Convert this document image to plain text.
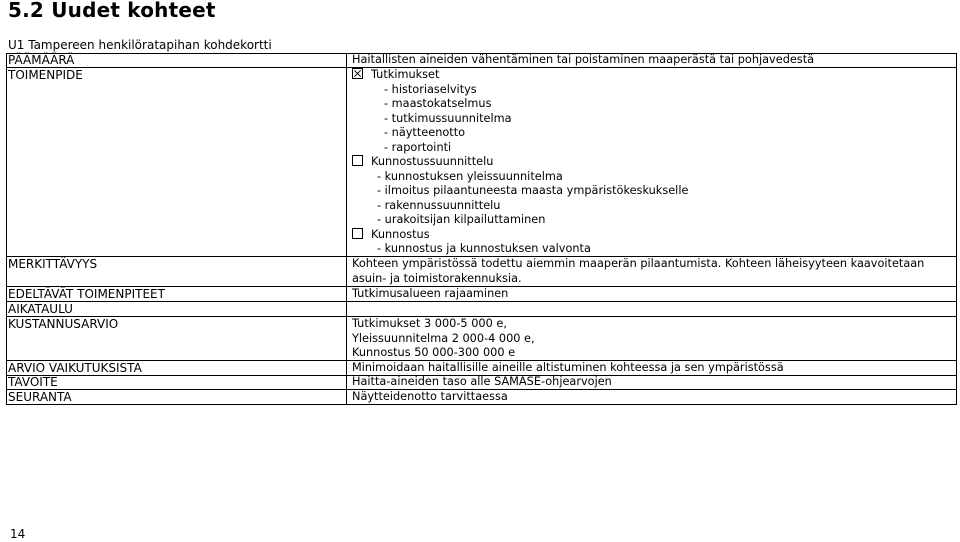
5.2 Uudet kohteet
U1 Tampereen henkilöratapihan kohdekortti
PÄÄMÄÄRÄ	Haitallisten aineiden vähentäminen tai poistaminen maaperästä tai pohjavedestä
TOIMENPIDE	Tutkimukset
- historiaselvitys
- maastokatselmus
- tutkimussuunnitelma
- näytteenotto
- raportointi
Kunnostussuunnittelu
- kunnostuksen yleissuunnitelma
- ilmoitus pilaantuneesta maasta ympäristökeskukselle
- rakennussuunnittelu
- urakoitsijan kilpailuttaminen
Kunnostus
- kunnostus ja kunnostuksen valvonta
MERKITTÄVYYS	Kohteen ympäristössä todettu aiemmin maaperän pilaantumista. Kohteen läheisyyteen kaavoitetaan
asuin- ja toimistorakennuksia.
EDELTÄVÄT TOIMENPITEET	Tutkimusalueen rajaaminen
AIKATAULU
KUSTANNUSARVIO	Tutkimukset 3 000-5 000 e,
Yleissuunnitelma 2 000-4 000 e,
Kunnostus 50 000-300 000 e
ARVIO VAIKUTUKSISTA	Minimoidaan haitallisille aineille altistuminen kohteessa ja sen ympäristössä
TAVOITE	Haitta-aineiden taso alle SAMASE-ohjearvojen
SEURANTA	Näytteidenotto tarvittaessa
14
